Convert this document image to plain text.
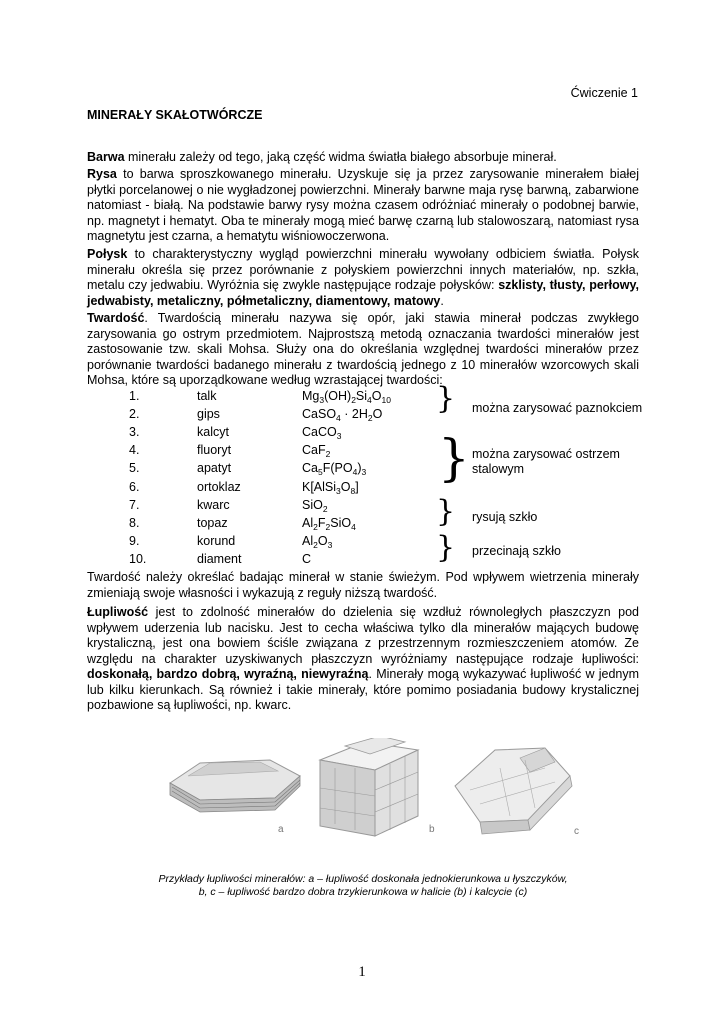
Ćwiczenie 1
MINERAŁY SKAŁOTWÓRCZE
Barwa minerału zależy od tego, jaką część widma światła białego absorbuje minerał.
Rysa to barwa sproszkowanego minerału. Uzyskuje się ja przez zarysowanie minerałem białej płytki porcelanowej o nie wygładzonej powierzchni. Minerały barwne maja rysę barwną, zabarwione natomiast - białą. Na podstawie barwy rysy można czasem odróżniać minerały o podobnej barwie, np. magnetyt i hematyt. Oba te minerały mogą mieć barwę czarną lub stalowoszarą, natomiast rysa magnetytu jest czarna, a hematytu wiśniowoczerwona.
Połysk to charakterystyczny wygląd powierzchni minerału wywołany odbiciem światła. Połysk minerału określa się przez porównanie z połyskiem powierzchni innych materiałów, np. szkła, metalu czy jedwabiu. Wyróżnia się zwykle następujące rodzaje połysków: szklisty, tłusty, perłowy, jedwabisty, metaliczny, półmetaliczny, diamentowy, matowy.
Twardość. Twardością minerału nazywa się opór, jaki stawia minerał podczas zwykłego zarysowania go ostrym przedmiotem. Najprostszą metodą oznaczania twardości minerałów jest zastosowanie tzw. skali Mohsa. Służy ona do określania względnej twardości minerałów przez porównanie twardości badanego minerału z twardością jednego z 10 minerałów wzorcowych skali Mohsa, które są uporządkowane według wzrastającej twardości:
1.	talk	$Mg_3(OH)_2Si_4O_{10}$
2.	gips	CaSO$_4$ · $2H_2O$
3.	kalcyt	CaCO$_3$
4.	fluoryt	CaF$_2$
5.	apatyt	$Ca_5F(PO_4)_3$
6.	ortoklaz	$K[AlSi_3O_8]$
7.	kwarc	SiO$_2$
8.	topaz	$Al_2F_2SiO_4$
9.	korund	$Al_2O_3$
10.	diament	C
} można zarysować paznokciem
} można zarysować ostrzem stalowym
} rysują szkło
} przecinają szkło
Twardość należy określać badając minerał w stanie świeżym. Pod wpływem wietrzenia minerały zmieniają swoje własności i wykazują z reguły niższą twardość.
Łupliwość jest to zdolność minerałów do dzielenia się wzdłuż równoległych płaszczyzn pod wpływem uderzenia lub nacisku. Jest to cecha właściwa tylko dla minerałów mających budowę krystaliczną, jest ona bowiem ściśle związana z przestrzennym rozmieszczeniem atomów. Ze względu na charakter uzyskiwanych płaszczyzn wyróżniamy następujące rodzaje łupliwości: doskonałą, bardzo dobrą, wyraźną, niewyraźną. Minerały mogą wykazywać łupliwość w jednym lub kilku kierunkach. Są również i takie minerały, które pomimo posiadania budowy krystalicznej pozbawione są łupliwości, np. kwarc.
a	b	c
Przykłady łupliwości minerałów: a – łupliwość doskonała jednokierunkowa u łyszczyków,
b, c – łupliwość bardzo dobra trzykierunkowa w halicie (b) i kalcycie (c)
1
